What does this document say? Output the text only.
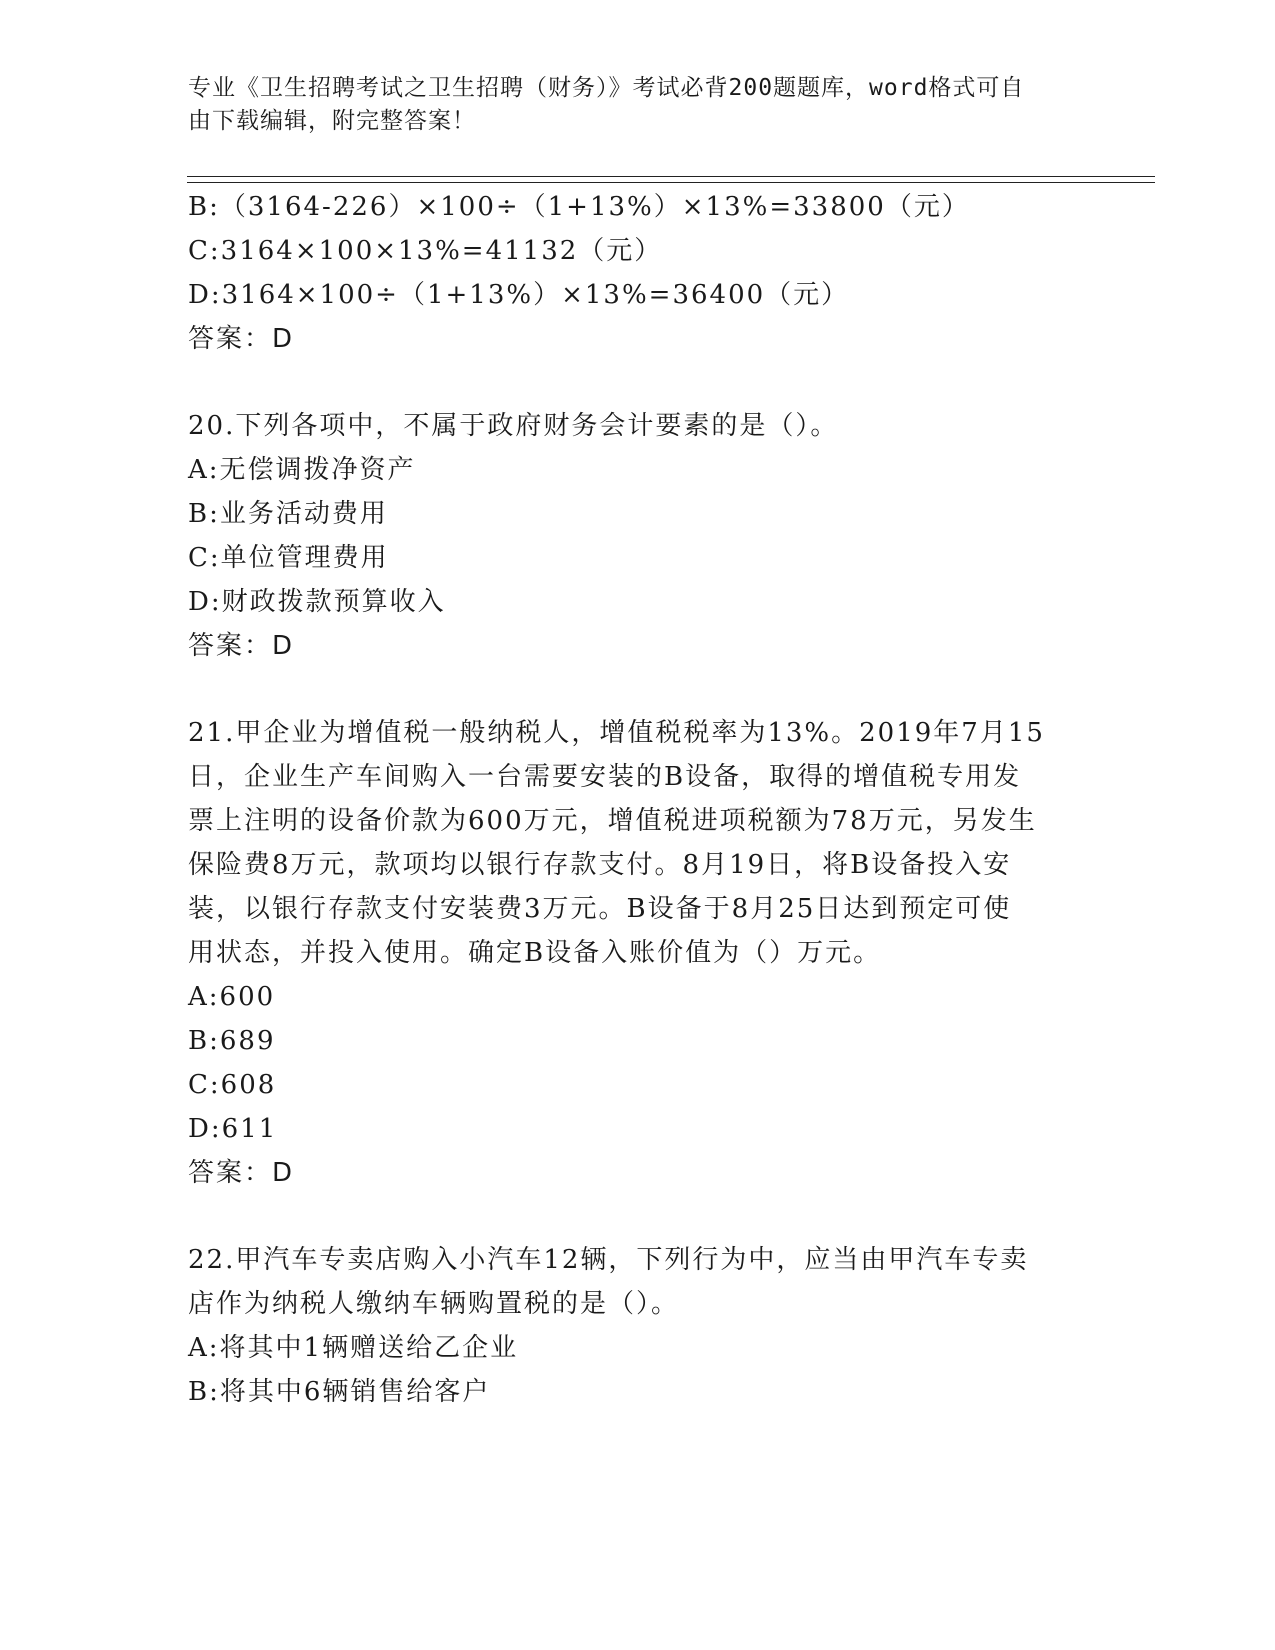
专业《卫生招聘考试之卫生招聘（财务）》考试必背200题题库，word格式可自
由下载编辑，附完整答案！
B:（3164-226）×100÷（1+13%）×13%=33800（元）
C:3164×100×13%=41132（元）
D:3164×100÷（1+13%）×13%=36400（元）
答案：D
20.下列各项中，不属于政府财务会计要素的是（）。
A:无偿调拨净资产
B:业务活动费用
C:单位管理费用
D:财政拨款预算收入
答案：D
21.甲企业为增值税一般纳税人，增值税税率为13%。2019年7月15
日，企业生产车间购入一台需要安装的B设备，取得的增值税专用发
票上注明的设备价款为600万元，增值税进项税额为78万元，另发生
保险费8万元，款项均以银行存款支付。8月19日，将B设备投入安
装，以银行存款支付安装费3万元。B设备于8月25日达到预定可使
用状态，并投入使用。确定B设备入账价值为（）万元。
A:600
B:689
C:608
D:611
答案：D
22.甲汽车专卖店购入小汽车12辆，下列行为中，应当由甲汽车专卖
店作为纳税人缴纳车辆购置税的是（）。
A:将其中1辆赠送给乙企业
B:将其中6辆销售给客户
